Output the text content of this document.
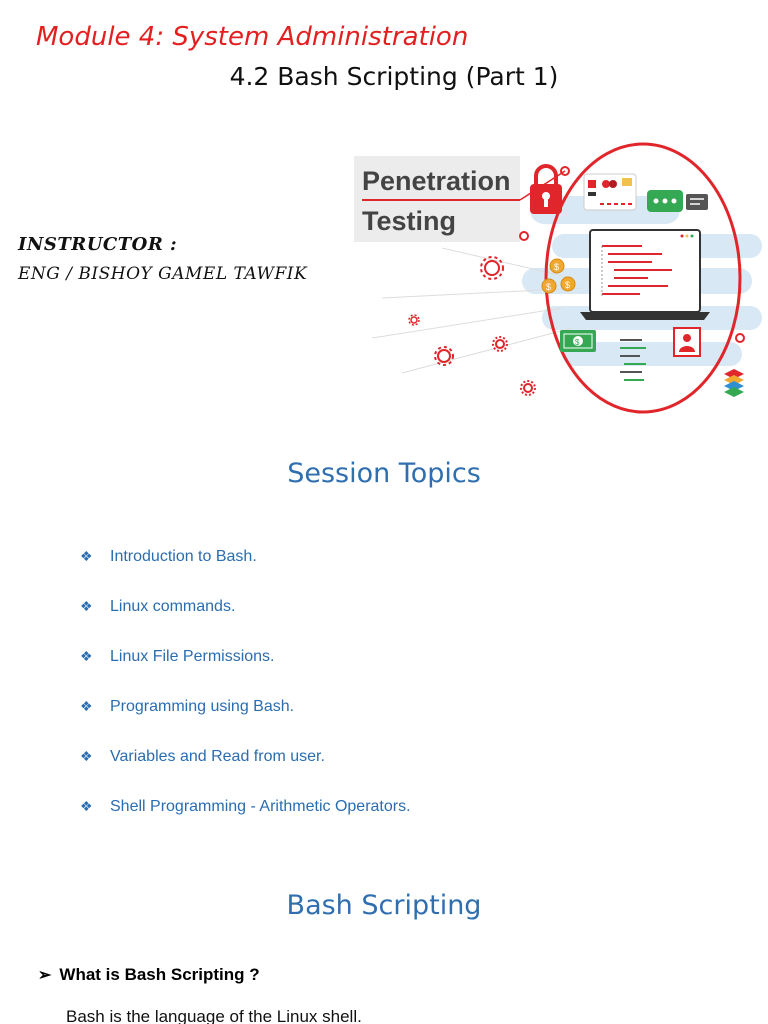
Module 4: System Administration
4.2 Bash Scripting (Part 1)
INSTRUCTOR :
ENG / BISHOY GAMEL TAWFIK
Penetration
Testing
$
$ $
$
Session Topics
❖	Introduction to Bash.
❖	Linux commands.
❖	Linux File Permissions.
❖	Programming using Bash.
❖	Variables and Read from user.
❖	Shell Programming - Arithmetic Operators.
Bash Scripting
➢ What is Bash Scripting ?
Bash is the language of the Linux shell.
